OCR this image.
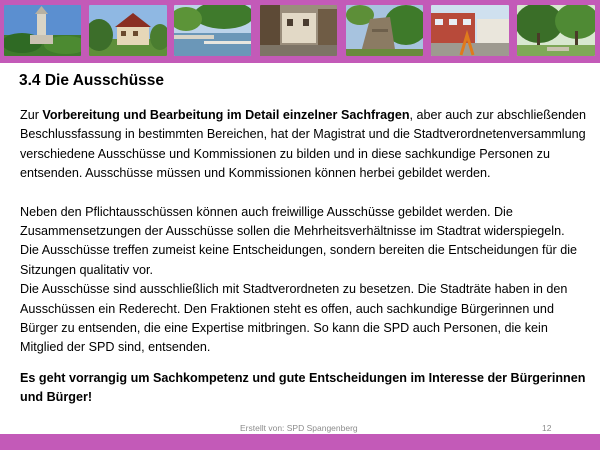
3.4 Die Ausschüsse

Zur Vorbereitung und Bearbeitung im Detail einzelner Sachfragen, aber auch zur abschließenden Beschlussfassung in bestimmten Bereichen, hat der Magistrat und die Stadtverordnetenversammlung verschiedene Ausschüsse und Kommissionen zu bilden und in diese sachkundige Personen zu entsenden. Ausschüsse müssen und Kommissionen können herbei gebildet werden.

Neben den Pflichtausschüssen können auch freiwillige Ausschüsse gebildet werden. Die Zusammensetzungen der Ausschüsse sollen die Mehrheitsverhältnisse im Stadtrat widerspiegeln.

Die Ausschüsse treffen zumeist keine Entscheidungen, sondern bereiten die Entscheidungen für die Sitzungen qualitativ vor.

Die Ausschüsse sind ausschließlich mit Stadtverordneten zu besetzen. Die Stadträte haben in den Ausschüssen ein Rederecht. Den Fraktionen steht es offen, auch sachkundige Bürgerinnen und Bürger zu entsenden, die eine Expertise mitbringen. So kann die SPD auch Personen, die kein Mitglied der SPD sind, entsenden.

Es geht vorrangig um Sachkompetenz und gute Entscheidungen im Interesse der Bürgerinnen und Bürger!

Erstellt von: SPD Spangenberg	12
